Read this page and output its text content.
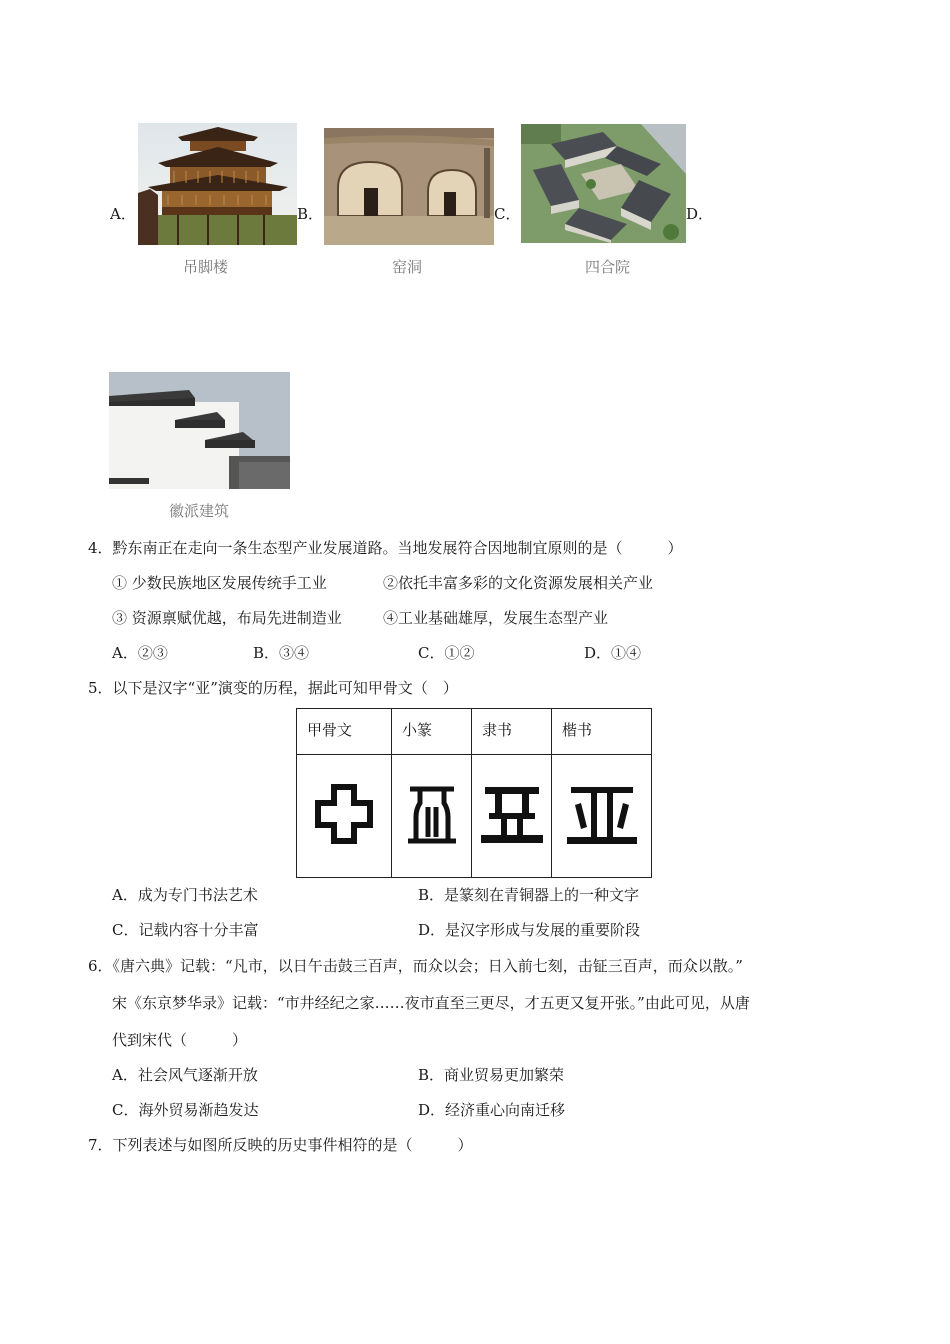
A．
吊脚楼
B．
窑洞
C．
四合院
D．
徽派建筑
4．黔东南正在走向一条生态型产业发展道路。当地发展符合因地制宜原则的是（　　　）
① 少数民族地区发展传统手工业	②依托丰富多彩的文化资源发展相关产业
③ 资源禀赋优越，布局先进制造业	④工业基础雄厚，发展生态型产业
A．②③	B．③④	C．①②	D．①④
5．以下是汉字“亚”演变的历程，据此可知甲骨文（　）
甲骨文	小篆	隶书	楷书

A．成为专门书法艺术	B．是篆刻在青铜器上的一种文字
C．记载内容十分丰富	D．是汉字形成与发展的重要阶段
6．《唐六典》记载：“凡市，以日午击鼓三百声，而众以会；日入前七刻，击钲三百声，而众以散。”
宋《东京梦华录》记载：“市井经纪之家……夜市直至三更尽，才五更又复开张。”由此可见，从唐
代到宋代（　　　）
A．社会风气逐渐开放	B．商业贸易更加繁荣
C．海外贸易渐趋发达	D．经济重心向南迁移
7．下列表述与如图所反映的历史事件相符的是（　　　）
